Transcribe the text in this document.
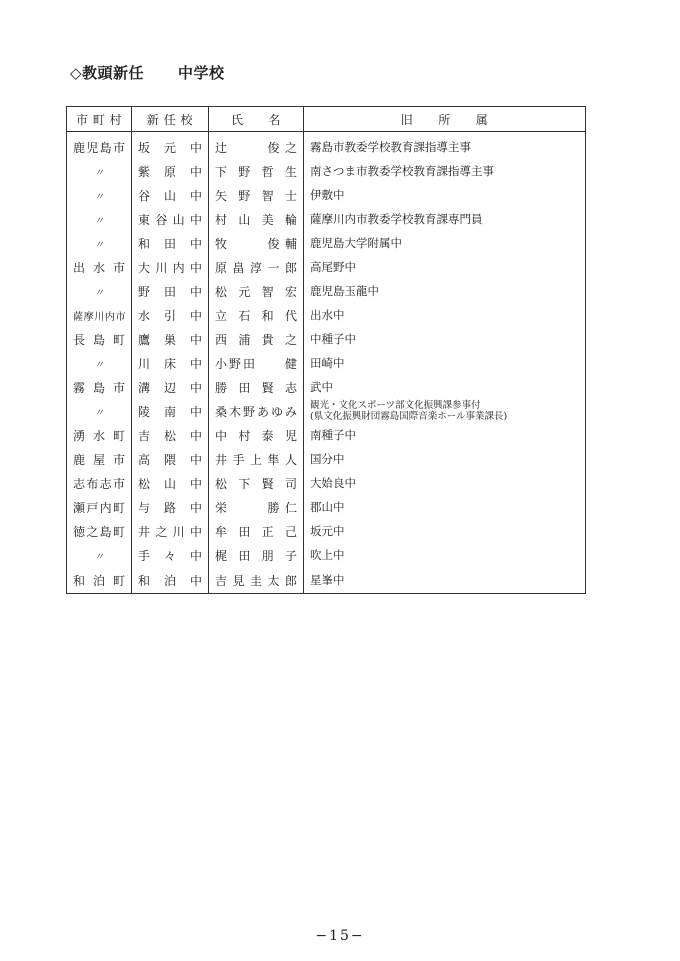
◇教頭新任 中学校
市 町 村	新 任 校	氏　　名	旧　　所　　属
鹿児島市	坂元中	辻　　俊之	霧島市教委学校教育課指導主事
〃	紫原中	下野哲生	南さつま市教委学校教育課指導主事
〃	谷山中	矢野智士	伊敷中
〃	東谷山中	村山美輪	薩摩川内市教委学校教育課専門員
〃	和田中	牧　　俊輔	鹿児島大学附属中
出水市	大川内中	原畠淳一郎	高尾野中
〃	野田中	松元智宏	鹿児島玉龍中
薩摩川内市	水引中	立石和代	出水中
長島町	鷹巣中	西浦貴之	中種子中
〃	川床中	小野田　　健	田崎中
霧島市	溝辺中	勝田賢志	武中
〃	陵南中	桑木野あゆみ	観光・文化スポーツ部文化振興課参事付
(県文化振興財団霧島国際音楽ホール事業課長)

湧水町	吉松中	中村泰児	南種子中
鹿屋市	高隈中	井手上隼人	国分中
志布志市	松山中	松下賢司	大姶良中
瀬戸内町	与路中	栄　　勝仁	郡山中
徳之島町	井之川中	牟田正己	坂元中
〃	手々中	梶田朋子	吹上中
和泊町	和泊中	吉見圭太郎	星峯中
−15−
